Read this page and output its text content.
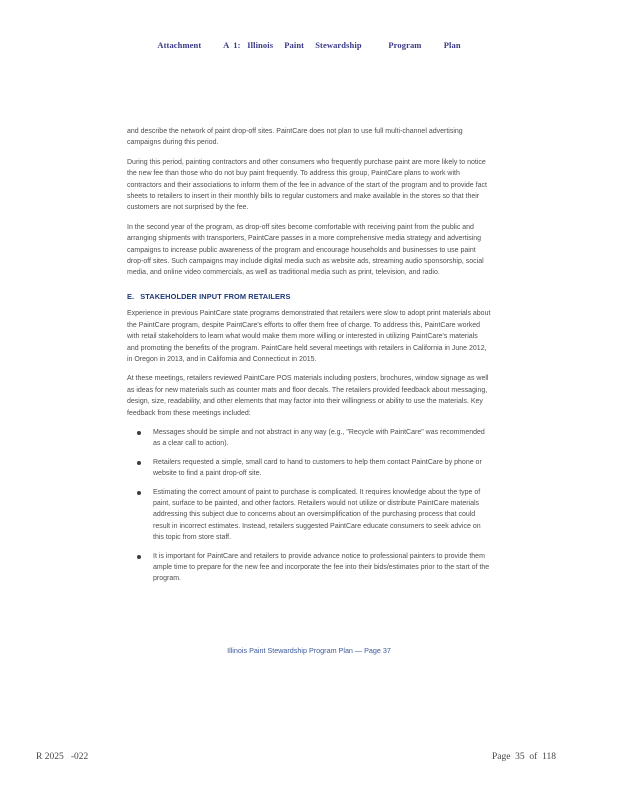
Attachment          A  1:   Illinois     Paint     Stewardship            Program          Plan

and describe the network of paint drop-off sites. PaintCare does not plan to use full multi-channel advertising campaigns during this period.

During this period, painting contractors and other consumers who frequently purchase paint are more likely to notice the new fee than those who do not buy paint frequently. To address this group, PaintCare plans to work with contractors and their associations to inform them of the fee in advance of the start of the program and to provide fact sheets to retailers to insert in their monthly bills to regular customers and make available in the stores so that their customers are not surprised by the fee.

In the second year of the program, as drop-off sites become comfortable with receiving paint from the public and arranging shipments with transporters, PaintCare passes in a more comprehensive media strategy and advertising campaigns to increase public awareness of the program and encourage households and businesses to use paint drop-off sites. Such campaigns may include digital media such as website ads, streaming audio sponsorship, social media, and online video commercials, as well as traditional media such as print, television, and radio.

E. STAKEHOLDER INPUT FROM RETAILERS

Experience in previous PaintCare state programs demonstrated that retailers were slow to adopt print materials about the PaintCare program, despite PaintCare's efforts to offer them free of charge. To address this, PaintCare worked with retail stakeholders to learn what would make them more willing or interested in utilizing PaintCare's materials and promoting the benefits of the program. PaintCare held several meetings with retailers in California in June 2012, in Oregon in 2013, and in California and Connecticut in 2015.

At these meetings, retailers reviewed PaintCare POS materials including posters, brochures, window signage as well as ideas for new materials such as counter mats and floor decals. The retailers provided feedback about messaging, design, size, readability, and other elements that may factor into their willingness or ability to use the materials. Key feedback from these meetings included:

Messages should be simple and not abstract in any way (e.g., "Recycle with PaintCare" was recommended as a clear call to action).
Retailers requested a simple, small card to hand to customers to help them contact PaintCare by phone or website to find a paint drop-off site.
Estimating the correct amount of paint to purchase is complicated. It requires knowledge about the type of paint, surface to be painted, and other factors. Retailers would not utilize or distribute PaintCare materials addressing this subject due to concerns about an oversimplification of the purchasing process that could result in incorrect estimates. Instead, retailers suggested PaintCare educate consumers to seek advice on this topic from store staff.
It is important for PaintCare and retailers to provide advance notice to professional painters to provide them ample time to prepare for the new fee and incorporate the fee into their bids/estimates prior to the start of the program.
Illinois Paint Stewardship Program Plan — Page 37
R 2025   -022	Page  35  of  118
